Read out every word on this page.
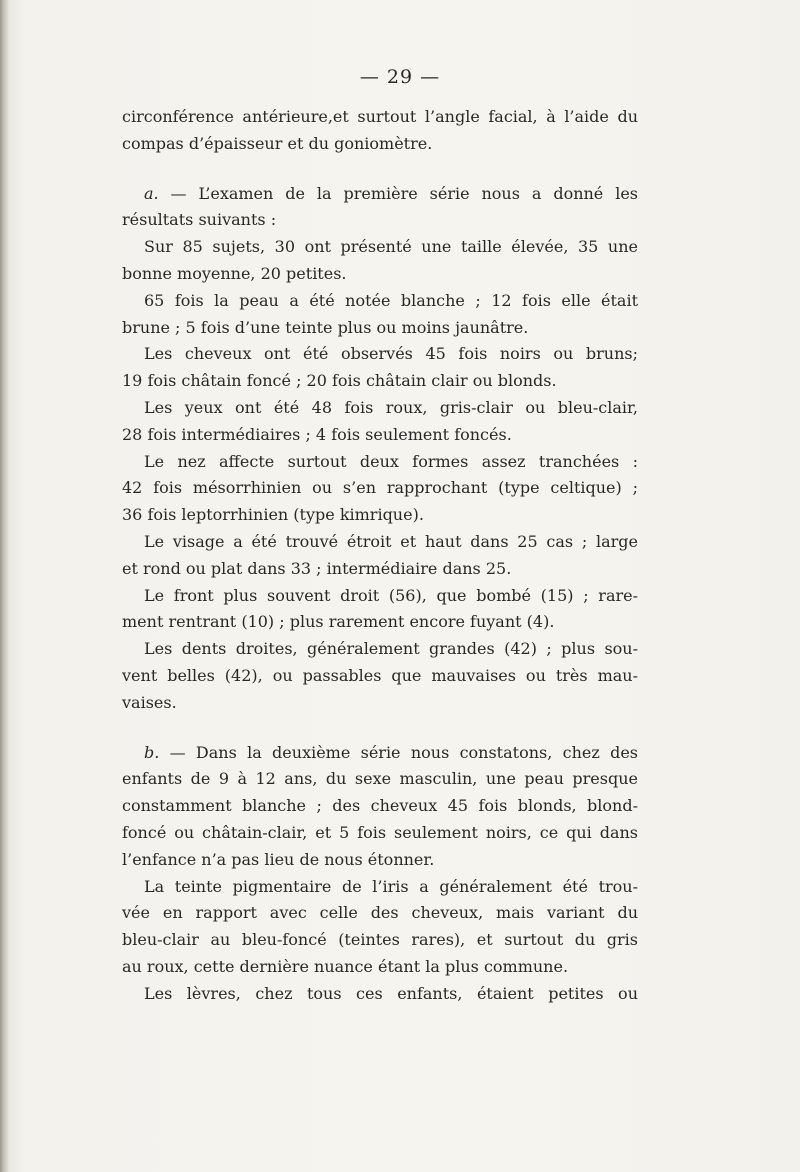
— 29 —

circonférence antérieure,et surtout l’angle facial, à l’aide du

compas d’épaisseur et du goniomètre.

a. — L’examen de la première série nous a donné les

résultats suivants :

Sur 85 sujets, 30 ont présenté une taille élevée, 35 une

bonne moyenne, 20 petites.

65 fois la peau a été notée blanche ; 12 fois elle était

brune ; 5 fois d’une teinte plus ou moins jaunâtre.

Les cheveux ont été observés 45 fois noirs ou bruns;

19 fois châtain foncé ; 20 fois châtain clair ou blonds.

Les yeux ont été 48 fois roux, gris-clair ou bleu-clair,

28 fois intermédiaires ; 4 fois seulement foncés.

Le nez affecte surtout deux formes assez tranchées :

42 fois mésorrhinien ou s’en rapprochant (type celtique) ;

36 fois leptorrhinien (type kimrique).

Le visage a été trouvé étroit et haut dans 25 cas ; large

et rond ou plat dans 33 ; intermédiaire dans 25.

Le front plus souvent droit (56), que bombé (15) ; rare-

ment rentrant (10) ; plus rarement encore fuyant (4).

Les dents droites, généralement grandes (42) ; plus sou-

vent belles (42), ou passables que mauvaises ou très mau-

vaises.

b. — Dans la deuxième série nous constatons, chez des

enfants de 9 à 12 ans, du sexe masculin, une peau presque

constamment blanche ; des cheveux 45 fois blonds, blond-

foncé ou châtain-clair, et 5 fois seulement noirs, ce qui dans

l’enfance n’a pas lieu de nous étonner.

La teinte pigmentaire de l’iris a généralement été trou-

vée en rapport avec celle des cheveux, mais variant du

bleu-clair au bleu-foncé (teintes rares), et surtout du gris

au roux, cette dernière nuance étant la plus commune.

Les lèvres, chez tous ces enfants, étaient petites ou
